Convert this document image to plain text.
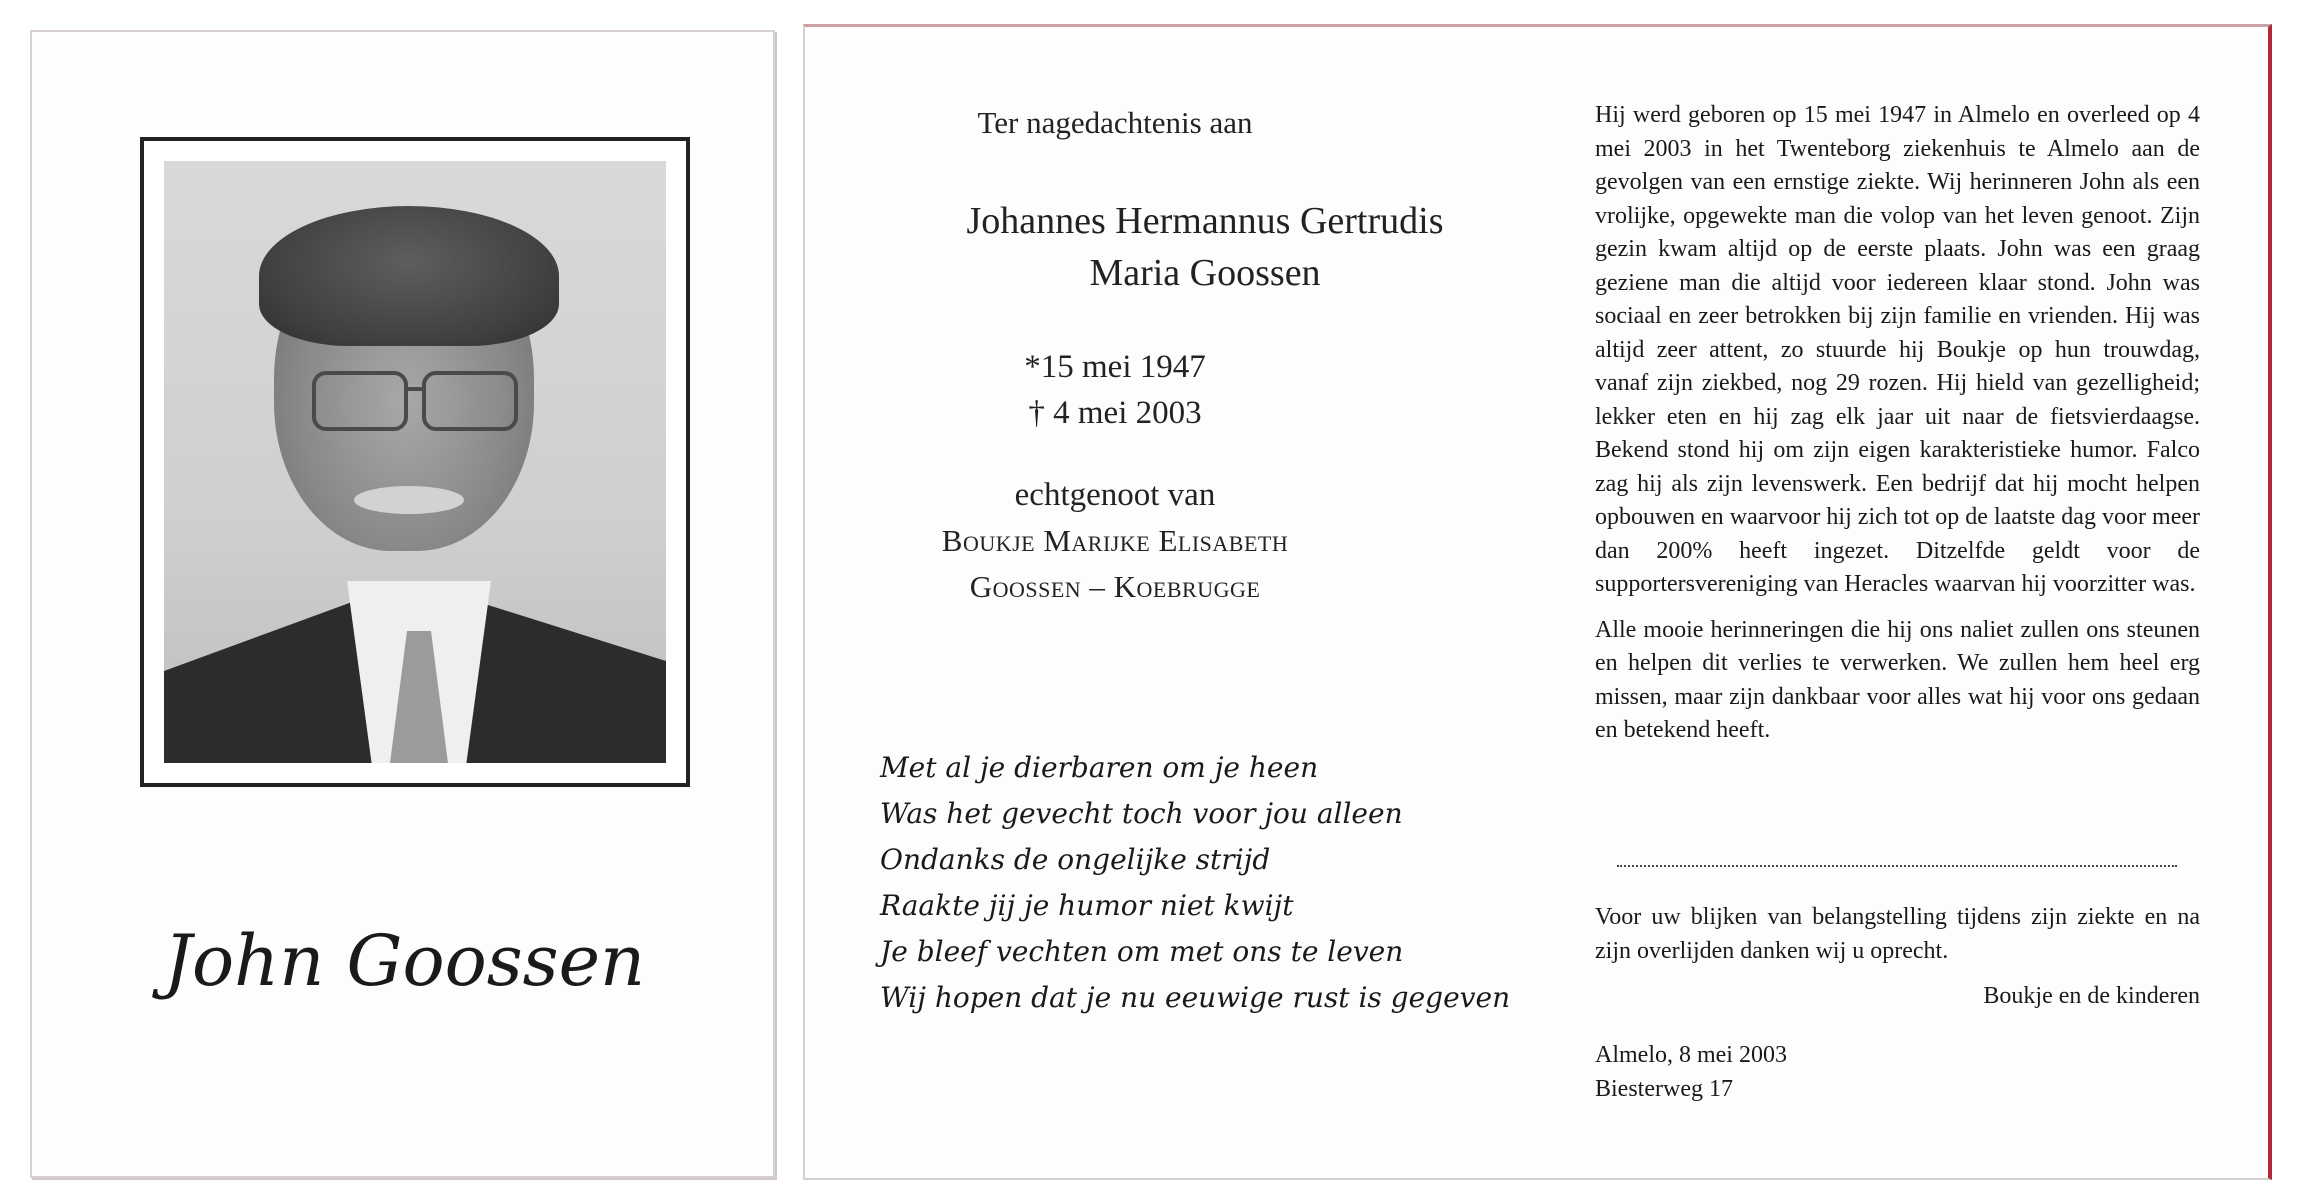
John Goossen
Ter nagedachtenis aan
Johannes Hermannus Gertrudis
Maria Goossen
*15 mei 1947
† 4 mei 2003
echtgenoot van
Boukje Marijke Elisabeth
Goossen – Koebrugge
Met al je dierbaren om je heen
Was het gevecht toch voor jou alleen
Ondanks de ongelijke strijd
Raakte jij je humor niet kwijt
Je bleef vechten om met ons te leven
Wij hopen dat je nu eeuwige rust is gegeven

Hij werd geboren op 15 mei 1947 in Almelo en overleed op 4 mei 2003 in het Twenteborg ziekenhuis te Almelo aan de gevolgen van een ernstige ziekte. Wij herinneren John als een vrolijke, opgewekte man die volop van het leven genoot. Zijn gezin kwam altijd op de eerste plaats. John was een graag geziene man die altijd voor iedereen klaar stond. John was sociaal en zeer betrokken bij zijn familie en vrienden. Hij was altijd zeer attent, zo stuurde hij Boukje op hun trouwdag, vanaf zijn ziekbed, nog 29 rozen. Hij hield van gezelligheid; lekker eten en hij zag elk jaar uit naar de fietsvierdaagse. Bekend stond hij om zijn eigen karakteristieke humor. Falco zag hij als zijn levenswerk. Een bedrijf dat hij mocht helpen opbouwen en waarvoor hij zich tot op de laatste dag voor meer dan 200% heeft ingezet. Ditzelfde geldt voor de supportersvereniging van Heracles waarvan hij voorzitter was.

Alle mooie herinneringen die hij ons naliet zullen ons steunen en helpen dit verlies te verwerken. We zullen hem heel erg missen, maar zijn dankbaar voor alles wat hij voor ons gedaan en betekend heeft.

Voor uw blijken van belangstelling tijdens zijn ziekte en na zijn overlijden danken wij u oprecht.
Boukje en de kinderen
Almelo, 8 mei 2003
Biesterweg 17
